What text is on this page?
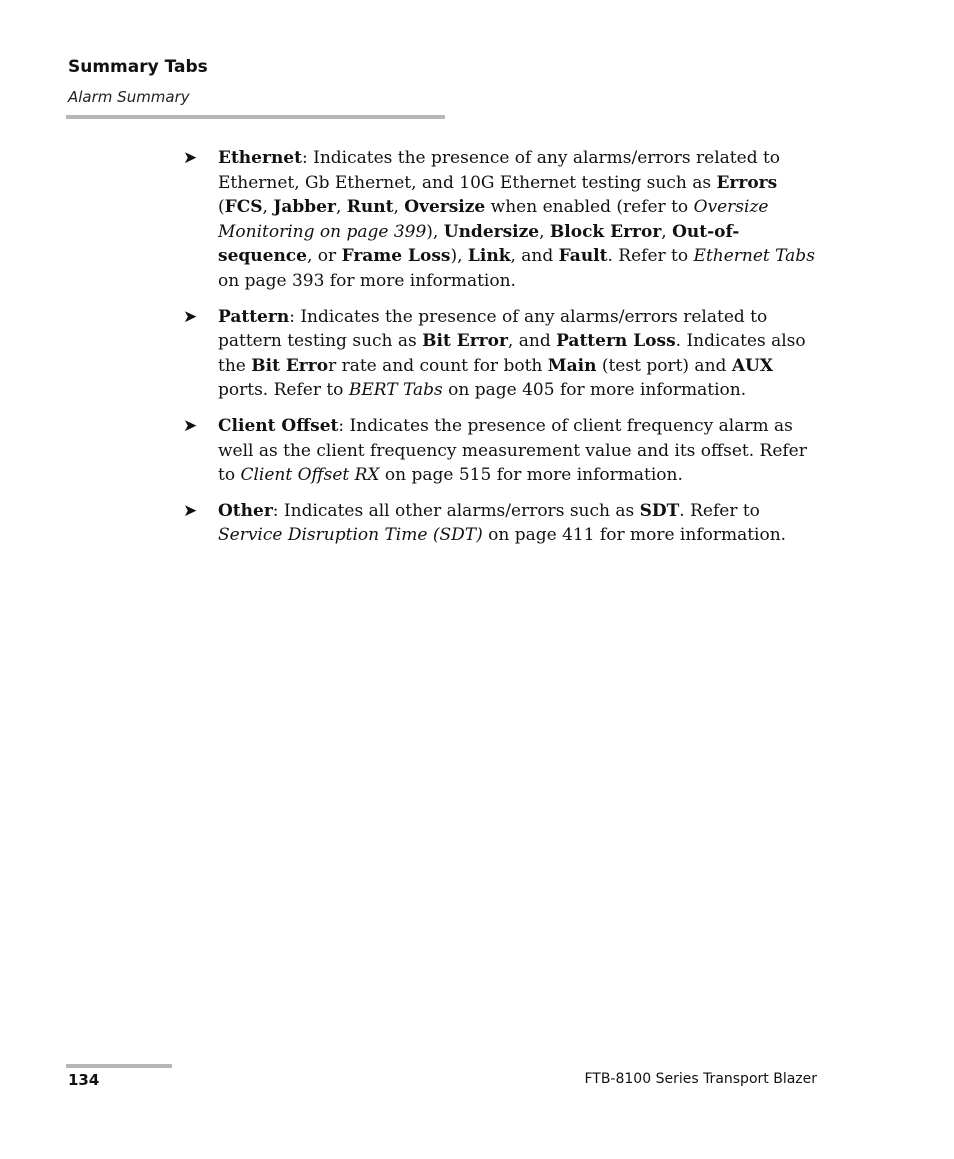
Summary Tabs
Alarm Summary
➤ Ethernet: Indicates the presence of any alarms/errors related to Ethernet, Gb Ethernet, and 10G Ethernet testing such as Errors (FCS, Jabber, Runt, Oversize when enabled (refer to Oversize Monitoring on page 399), Undersize, Block Error, Out-of-sequence, or Frame Loss), Link, and Fault. Refer to Ethernet Tabs on page 393 for more information.
➤ Pattern: Indicates the presence of any alarms/errors related to pattern testing such as Bit Error, and Pattern Loss. Indicates also the Bit Error rate and count for both Main (test port) and AUX ports. Refer to BERT Tabs on page 405 for more information.
➤ Client Offset: Indicates the presence of client frequency alarm as well as the client frequency measurement value and its offset. Refer to Client Offset RX on page 515 for more information.
➤ Other: Indicates all other alarms/errors such as SDT. Refer to Service Disruption Time (SDT) on page 411 for more information.
134	FTB-8100 Series Transport Blazer
